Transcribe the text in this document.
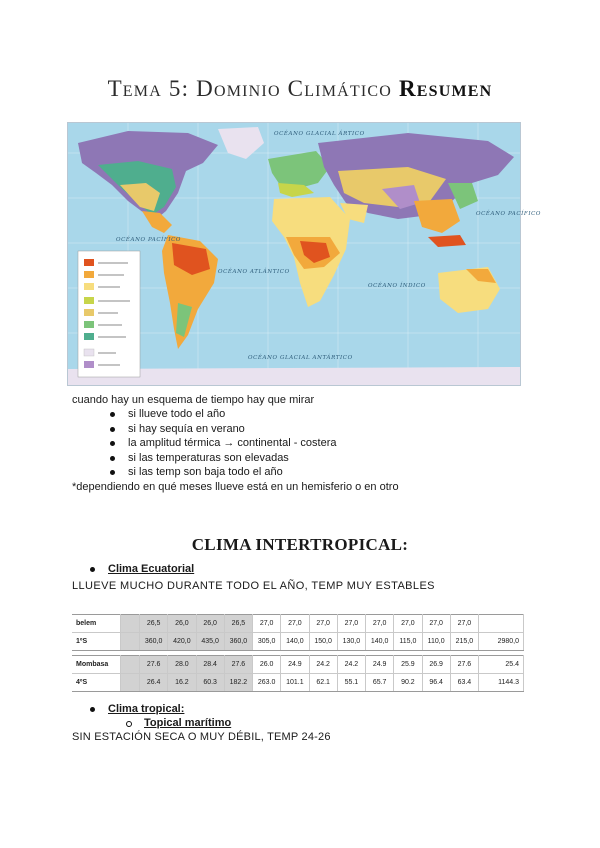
Tema 5: Dominio Climático Resumen
OCÉANO GLACIAL ÁRTICO
OCÉANO PACÍFICO
OCÉANO ATLÁNTICO
OCÉANO ÍNDICO
OCÉANO PACÍFICO
OCÉANO GLACIAL ANTÁRTICO

cuando hay un esquema de tiempo hay que mirar

si llueve todo el año
si hay sequía en verano
la amplitud térmica → continental - costera
si las temperaturas son elevadas
si las temp son baja todo el año

*dependiendo en qué meses llueve está en un hemisferio o en otro

CLIMA INTERTROPICAL:
Clima Ecuatorial
LLUEVE MUCHO DURANTE TODO EL AÑO, TEMP MUY ESTABLES
belem		26,5	26,0	26,0	26,5	27,0	27,0	27,0	27,0	27,0	27,0	27,0	27,0	
1ºS		360,0	420,0	435,0	360,0	305,0	140,0	150,0	130,0	140,0	115,0	110,0	215,0	2980,0
Mombasa		27.6	28.0	28.4	27.6	26.0	24.9	24.2	24.2	24.9	25.9	26.9	27.6	25.4
4ºS		26.4	16.2	60.3	182.2	263.0	101.1	62.1	55.1	65.7	90.2	96.4	63.4	1144.3
Clima tropical:
Topical marítimo
SIN ESTACIÓN SECA O MUY DÉBIL, TEMP 24-26
